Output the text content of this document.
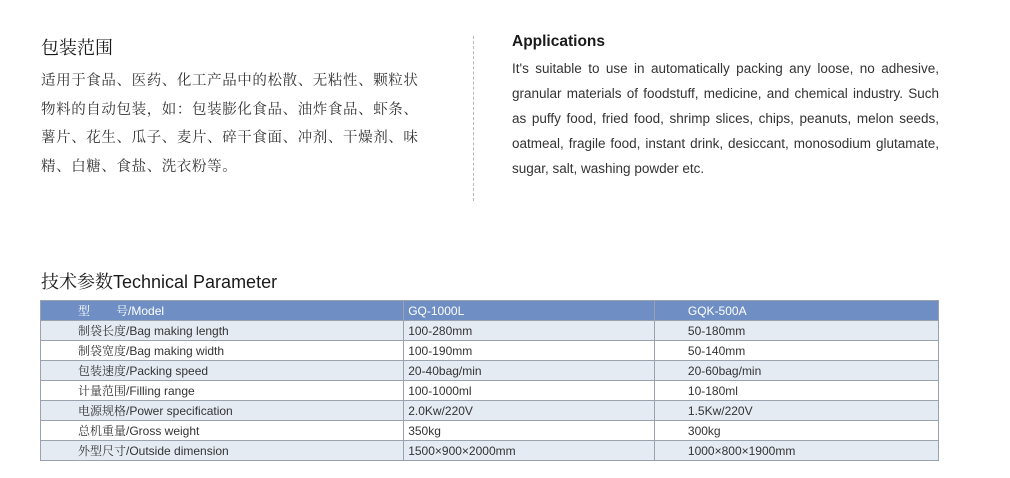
包装范围
适用于食品、医药、化工产品中的松散、无粘性、颗粒状
物料的自动包装，如：包装膨化食品、油炸食品、虾条、
薯片、花生、瓜子、麦片、碎干食面、冲剂、干燥剂、味
精、白糖、食盐、洗衣粉等。
Applications
It's suitable to use in automatically packing any loose, no adhesive, granular materials of foodstuff, medicine, and chemical industry. Such as puffy food, fried food, shrimp slices, chips, peanuts, melon seeds, oatmeal, fragile food, instant drink, desiccant, monosodium glutamate, sugar, salt, washing powder etc.
技术参数Technical Parameter
型 号/Model	GQ-1000L	GQK-500A
制袋长度/Bag making length	100-280mm	50-180mm
制袋宽度/Bag making width	100-190mm	50-140mm
包装速度/Packing speed	20-40bag/min	20-60bag/min
计量范围/Filling range	100-1000ml	10-180ml
电源规格/Power specification	2.0Kw/220V	1.5Kw/220V
总机重量/Gross weight	350kg	300kg
外型尺寸/Outside dimension	1500×900×2000mm	1000×800×1900mm
